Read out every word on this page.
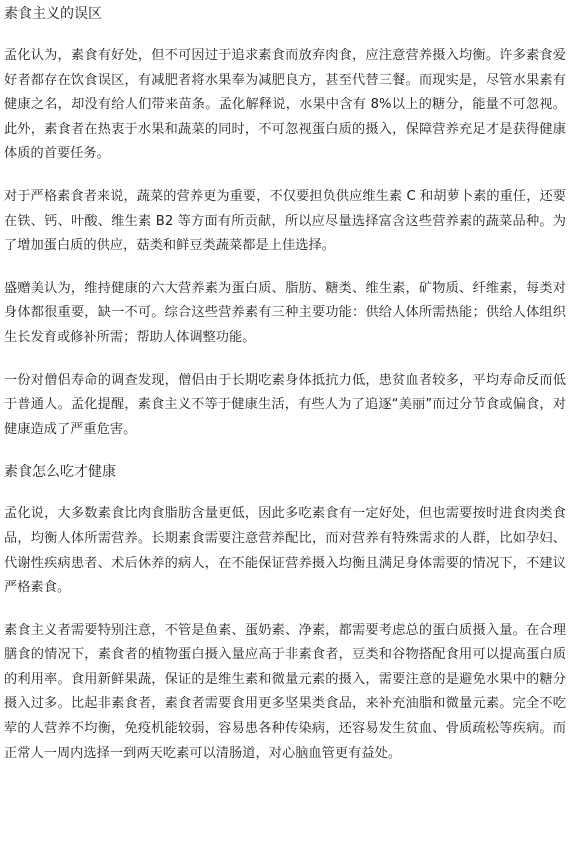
素食主义的误区

孟化认为，素食有好处，但不可因过于追求素食而放弃肉食，应注意营养摄入均衡。许多素食爱好者都存在饮食误区，有减肥者将水果奉为减肥良方，甚至代替三餐。而现实是，尽管水果素有健康之名，却没有给人们带来苗条。孟化解释说，水果中含有 8%以上的糖分，能量不可忽视。此外，素食者在热衷于水果和蔬菜的同时，不可忽视蛋白质的摄入，保障营养充足才是获得健康体质的首要任务。

对于严格素食者来说，蔬菜的营养更为重要，不仅要担负供应维生素 C 和胡萝卜素的重任，还要在铁、钙、叶酸、维生素 B2 等方面有所贡献，所以应尽量选择富含这些营养素的蔬菜品种。为了增加蛋白质的供应，菇类和鲜豆类蔬菜都是上佳选择。

盛赠美认为，维持健康的六大营养素为蛋白质、脂肪、糖类、维生素，矿物质、纤维素，每类对身体都很重要，缺一不可。综合这些营养素有三种主要功能：供给人体所需热能；供给人体组织生长发育或修补所需；帮助人体调整功能。

一份对僧侣寿命的调查发现，僧侣由于长期吃素身体抵抗力低，患贫血者较多，平均寿命反而低于普通人。孟化提醒，素食主义不等于健康生活，有些人为了追逐“美丽”而过分节食或偏食，对健康造成了严重危害。

素食怎么吃才健康

孟化说，大多数素食比肉食脂肪含量更低，因此多吃素食有一定好处，但也需要按时进食肉类食品，均衡人体所需营养。长期素食需要注意营养配比，而对营养有特殊需求的人群，比如孕妇、代谢性疾病患者、术后休养的病人，在不能保证营养摄入均衡且满足身体需要的情况下，不建议严格素食。

素食主义者需要特别注意，不管是鱼素、蛋奶素、净素，都需要考虑总的蛋白质摄入量。在合理膳食的情况下，素食者的植物蛋白摄入量应高于非素食者，豆类和谷物搭配食用可以提高蛋白质的利用率。食用新鲜果蔬，保证的是维生素和微量元素的摄入，需要注意的是避免水果中的糖分摄入过多。比起非素食者，素食者需要食用更多坚果类食品，来补充油脂和微量元素。完全不吃荤的人营养不均衡，免疫机能较弱，容易患各种传染病，还容易发生贫血、骨质疏松等疾病。而正常人一周内选择一到两天吃素可以清肠道，对心脑血管更有益处。
